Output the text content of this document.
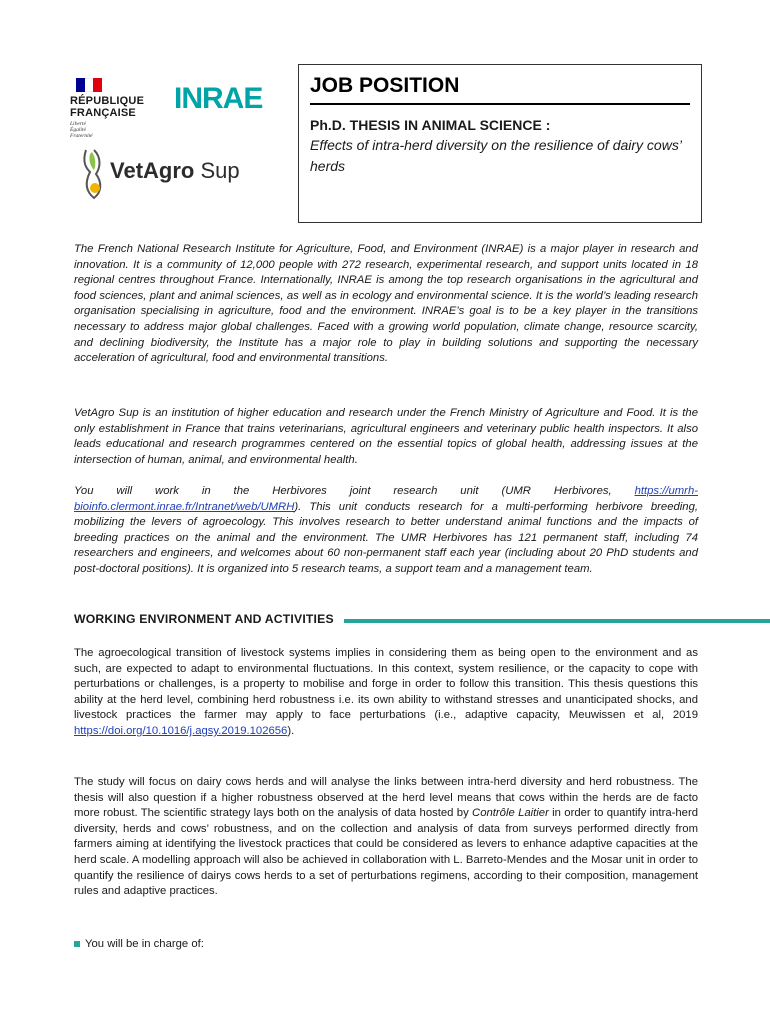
RÉPUBLIQUE
FRANÇAISE
Liberté
Égalité
Fraternité
INRAE
VetAgro Sup
JOB POSITION
Ph.D. THESIS IN ANIMAL SCIENCE :
Effects of intra-herd diversity on the resilience of dairy cows’ herds
The French National Research Institute for Agriculture, Food, and Environment (INRAE) is a major player in research and innovation. It is a community of 12,000 people with 272 research, experimental research, and support units located in 18 regional centres throughout France. Internationally, INRAE is among the top research organisations in the agricultural and food sciences, plant and animal sciences, as well as in ecology and environmental science. It is the world’s leading research organisation specialising in agriculture, food and the environment. INRAE’s goal is to be a key player in the transitions necessary to address major global challenges. Faced with a growing world population, climate change, resource scarcity, and declining biodiversity, the Institute has a major role to play in building solutions and supporting the necessary acceleration of agricultural, food and environmental transitions.
VetAgro Sup is an institution of higher education and research under the French Ministry of Agriculture and Food. It is the only establishment in France that trains veterinarians, agricultural engineers and veterinary public health inspectors. It also leads educational and research programmes centered on the essential topics of global health, addressing issues at the intersection of human, animal, and environmental health.
You will work in the Herbivores joint research unit (UMR Herbivores, https://umrh-bioinfo.clermont.inrae.fr/Intranet/web/UMRH). This unit conducts research for a multi-performing herbivore breeding, mobilizing the levers of agroecology. This involves research to better understand animal functions and the impacts of breeding practices on the animal and the environment. The UMR Herbivores has 121 permanent staff, including 74 researchers and engineers, and welcomes about 60 non-permanent staff each year (including about 20 PhD students and post-doctoral positions). It is organized into 5 research teams, a support team and a management team.
WORKING ENVIRONMENT AND ACTIVITIES
The agroecological transition of livestock systems implies in considering them as being open to the environment and as such, are expected to adapt to environmental fluctuations. In this context, system resilience, or the capacity to cope with perturbations or challenges, is a property to mobilise and forge in order to follow this transition. This thesis questions this ability at the herd level, combining herd robustness i.e. its own ability to withstand stresses and unanticipated shocks, and livestock practices the farmer may apply to face perturbations (i.e., adaptive capacity, Meuwissen et al, 2019 https://doi.org/10.1016/j.agsy.2019.102656).
The study will focus on dairy cows herds and will analyse the links between intra-herd diversity and herd robustness. The thesis will also question if a higher robustness observed at the herd level means that cows within the herds are de facto more robust. The scientific strategy lays both on the analysis of data hosted by Contrôle Laitier in order to quantify intra-herd diversity, herds and cows’ robustness, and on the collection and analysis of data from surveys performed directly from farmers aiming at identifying the livestock practices that could be considered as levers to enhance adaptive capacities at the herd scale. A modelling approach will also be achieved in collaboration with L. Barreto-Mendes and the Mosar unit in order to quantify the resilience of dairys cows herds to a set of perturbations regimens, according to their composition, management rules and adaptive practices.
You will be in charge of:
